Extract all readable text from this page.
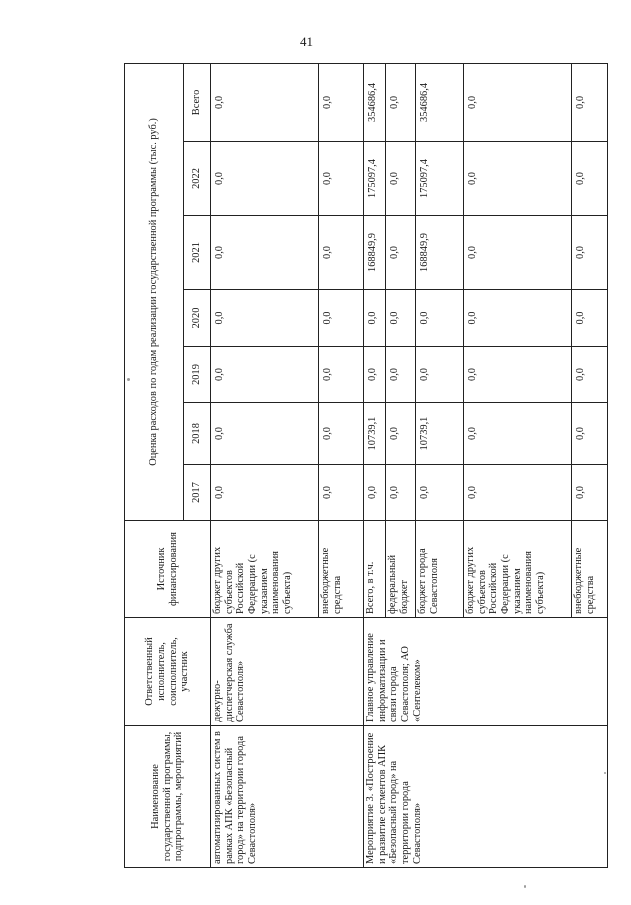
41
Наименование государственной программы, подпрограммы, мероприятий	Ответственный исполнитель, соисполнитель, участник	Источник финансирования	Оценка расходов по годам реализации государственной программы (тыс. руб.)						
			2017	2018	2019	2020	2021	2022	Всего
автоматизированных систем в рамках АПК «Безопасный город» на территории города Севастополя»	дежурно-диспетчерская служба Севастополя»	бюджет других субъектов Российской Федерации (с указанием наименования субъекта)	0,0	0,0	0,0	0,0	0,0	0,0	0,0
		внебюджетные средства	0,0	0,0	0,0	0,0	0,0	0,0	0,0
Мероприятие 3. «Построение и развитие сегментов АПК «Безопасный город» на территории города Севастополя»	Главное управление информатизации и связи города Севастополя; АО «Сентелеком»	Всего, в т.ч.	0,0	10739,1	0,0	0,0	168849,9	175097,4	354686,4
		федеральный бюджет	0,0	0,0	0,0	0,0	0,0	0,0	0,0
		бюджет города Севастополя	0,0	10739,1	0,0	0,0	168849,9	175097,4	354686,4
		бюджет других субъектов Российской Федерации (с указанием наименования субъекта)	0,0	0,0	0,0	0,0	0,0	0,0	0,0
		внебюджетные средства	0,0	0,0	0,0	0,0	0,0	0,0	0,0
